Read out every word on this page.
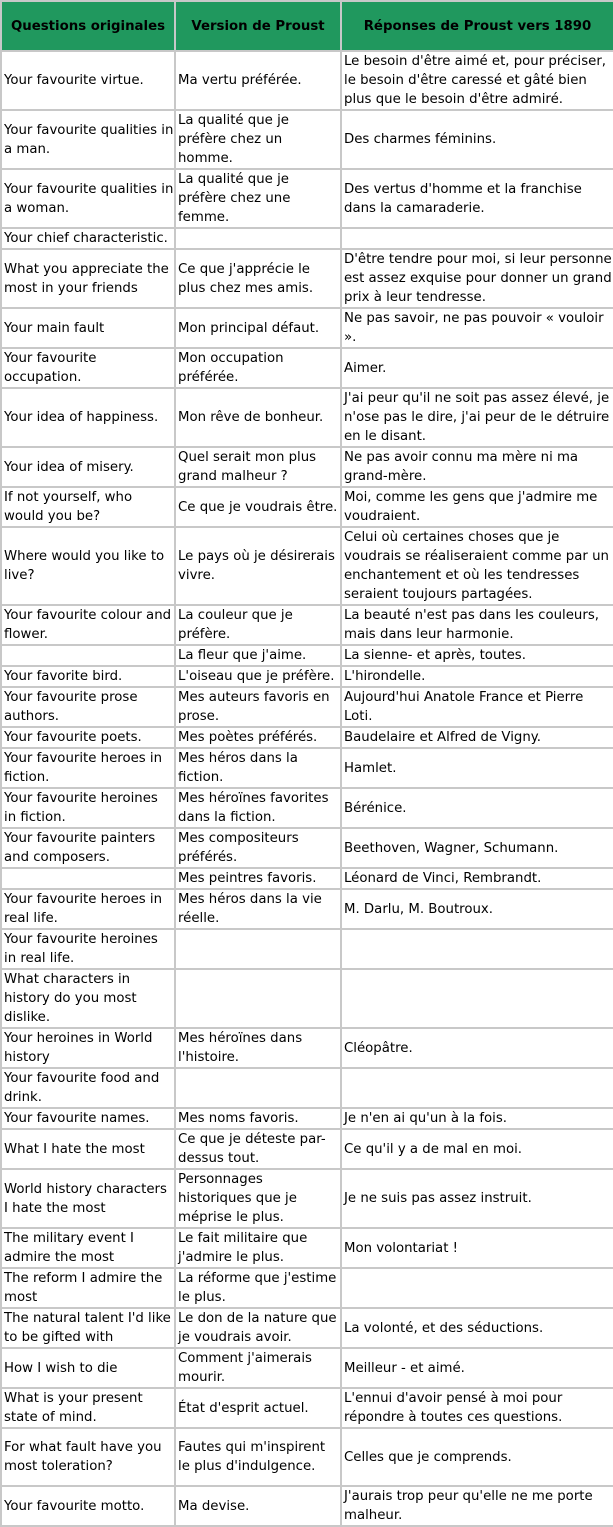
Questions originales	Version de Proust	Réponses de Proust vers 1890
Your favourite virtue.	Ma vertu préférée.	Le besoin d'être aimé et, pour préciser, le besoin d'être caressé et gâté bien plus que le besoin d'être admiré.
Your favourite qualities in a man.	La qualité que je préfère chez un homme.	Des charmes féminins.
Your favourite qualities in a woman.	La qualité que je préfère chez une femme.	Des vertus d'homme et la franchise dans la camaraderie.
Your chief characteristic.		
What you appreciate the most in your friends	Ce que j'apprécie le plus chez mes amis.	D'être tendre pour moi, si leur personne est assez exquise pour donner un grand prix à leur tendresse.
Your main fault	Mon principal défaut.	Ne pas savoir, ne pas pouvoir « vouloir ».
Your favourite occupation.	Mon occupation préférée.	Aimer.
Your idea of happiness.	Mon rêve de bonheur.	J'ai peur qu'il ne soit pas assez élevé, je n'ose pas le dire, j'ai peur de le détruire en le disant.
Your idea of misery.	Quel serait mon plus grand malheur ?	Ne pas avoir connu ma mère ni ma grand-mère.
If not yourself, who would you be?	Ce que je voudrais être.	Moi, comme les gens que j'admire me voudraient.
Where would you like to live?	Le pays où je désirerais vivre.	Celui où certaines choses que je voudrais se réaliseraient comme par un enchantement et où les tendresses seraient toujours partagées.
Your favourite colour and flower.	La couleur que je préfère.	La beauté n'est pas dans les couleurs, mais dans leur harmonie.
	La fleur que j'aime.	La sienne- et après, toutes.
Your favorite bird.	L'oiseau que je préfère.	L'hirondelle.
Your favourite prose authors.	Mes auteurs favoris en prose.	Aujourd'hui Anatole France et Pierre Loti.
Your favourite poets.	Mes poètes préférés.	Baudelaire et Alfred de Vigny.
Your favourite heroes in fiction.	Mes héros dans la fiction.	Hamlet.
Your favourite heroines in fiction.	Mes héroïnes favorites dans la fiction.	Bérénice.
Your favourite painters and composers.	Mes compositeurs préférés.	Beethoven, Wagner, Schumann.
	Mes peintres favoris.	Léonard de Vinci, Rembrandt.
Your favourite heroes in real life.	Mes héros dans la vie réelle.	M. Darlu, M. Boutroux.
Your favourite heroines in real life.		
What characters in history do you most dislike.		
Your heroines in World history	Mes héroïnes dans l'histoire.	Cléopâtre.
Your favourite food and drink.		
Your favourite names.	Mes noms favoris.	Je n'en ai qu'un à la fois.
What I hate the most	Ce que je déteste par-dessus tout.	Ce qu'il y a de mal en moi.
World history characters I hate the most	Personnages historiques que je méprise le plus.	Je ne suis pas assez instruit.
The military event I admire the most	Le fait militaire que j'admire le plus.	Mon volontariat !
The reform I admire the most	La réforme que j'estime le plus.	
The natural talent I'd like to be gifted with	Le don de la nature que je voudrais avoir.	La volonté, et des séductions.
How I wish to die	Comment j'aimerais mourir.	Meilleur - et aimé.
What is your present state of mind.	État d'esprit actuel.	L'ennui d'avoir pensé à moi pour répondre à toutes ces questions.
For what fault have you most toleration?	Fautes qui m'inspirent le plus d'indulgence.	Celles que je comprends.
Your favourite motto.	Ma devise.	J'aurais trop peur qu'elle ne me porte malheur.
